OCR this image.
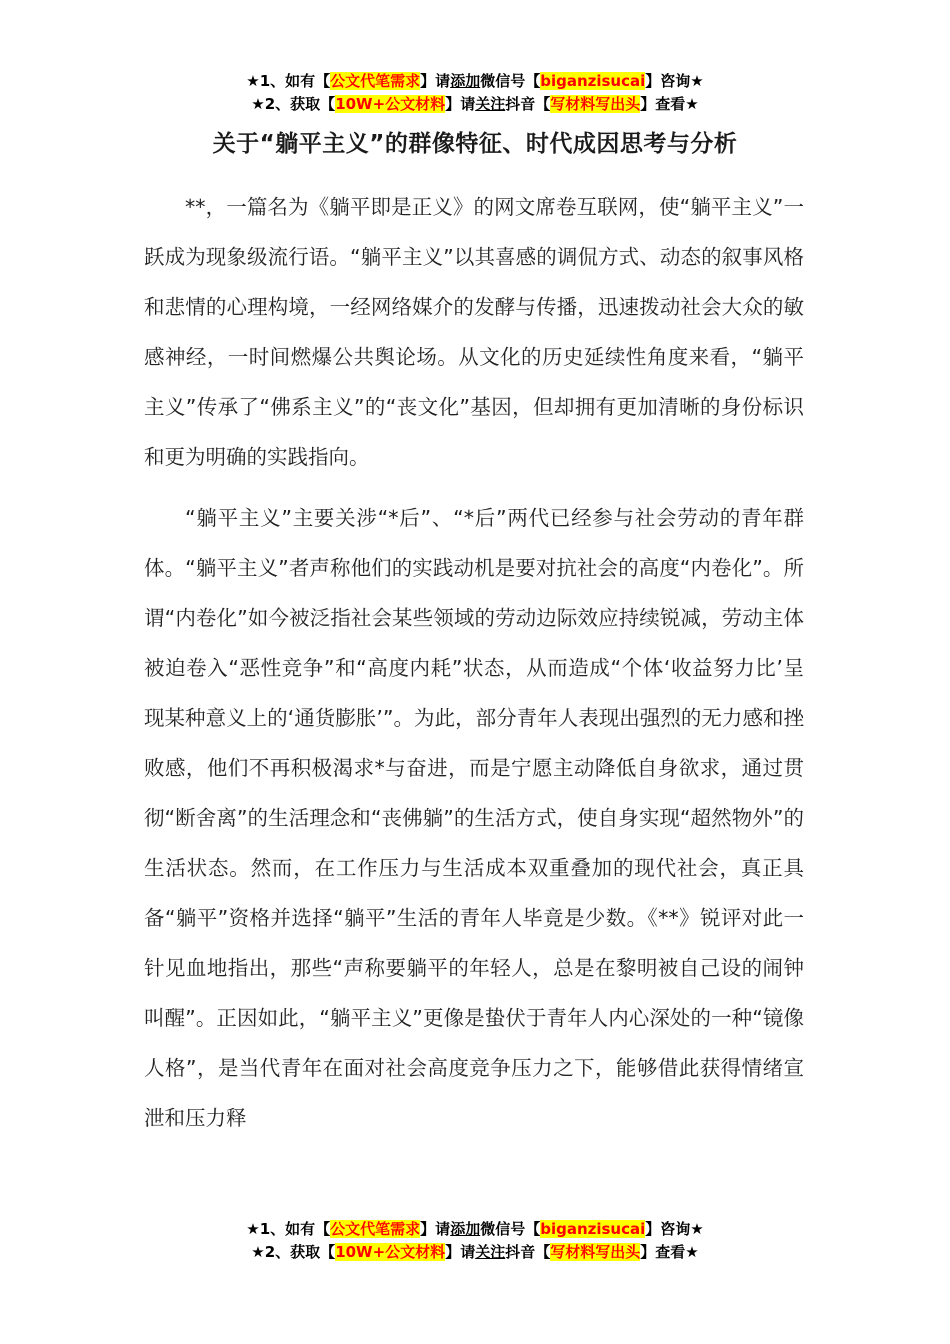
★1、如有【公文代笔需求】请添加微信号【biganzisucai】咨询★
★2、获取【10W+公文材料】请关注抖音【写材料写出头】查看★
关于“躺平主义”的群像特征、时代成因思考与分析

**，一篇名为《躺平即是正义》的网文席卷互联网，使“躺平主义”一跃成为现象级流行语。“躺平主义”以其喜感的调侃方式、动态的叙事风格和悲情的心理构境，一经网络媒介的发酵与传播，迅速拨动社会大众的敏感神经，一时间燃爆公共舆论场。从文化的历史延续性角度来看，“躺平主义”传承了“佛系主义”的“丧文化”基因，但却拥有更加清晰的身份标识和更为明确的实践指向。

“躺平主义”主要关涉“*后”、“*后”两代已经参与社会劳动的青年群体。“躺平主义”者声称他们的实践动机是要对抗社会的高度“内卷化”。所谓“内卷化”如今被泛指社会某些领域的劳动边际效应持续锐减，劳动主体被迫卷入“恶性竞争”和“高度内耗”状态，从而造成“个体‘收益努力比’呈现某种意义上的‘通货膨胀’”。为此，部分青年人表现出强烈的无力感和挫败感，他们不再积极渴求*与奋进，而是宁愿主动降低自身欲求，通过贯彻“断舍离”的生活理念和“丧佛躺”的生活方式，使自身实现“超然物外”的生活状态。然而，在工作压力与生活成本双重叠加的现代社会，真正具备“躺平”资格并选择“躺平”生活的青年人毕竟是少数。《**》锐评对此一针见血地指出，那些“声称要躺平的年轻人，总是在黎明被自己设的闹钟叫醒”。正因如此，“躺平主义”更像是蛰伏于青年人内心深处的一种“镜像人格”，是当代青年在面对社会高度竞争压力之下，能够借此获得情绪宣泄和压力释

★1、如有【公文代笔需求】请添加微信号【biganzisucai】咨询★
★2、获取【10W+公文材料】请关注抖音【写材料写出头】查看★
